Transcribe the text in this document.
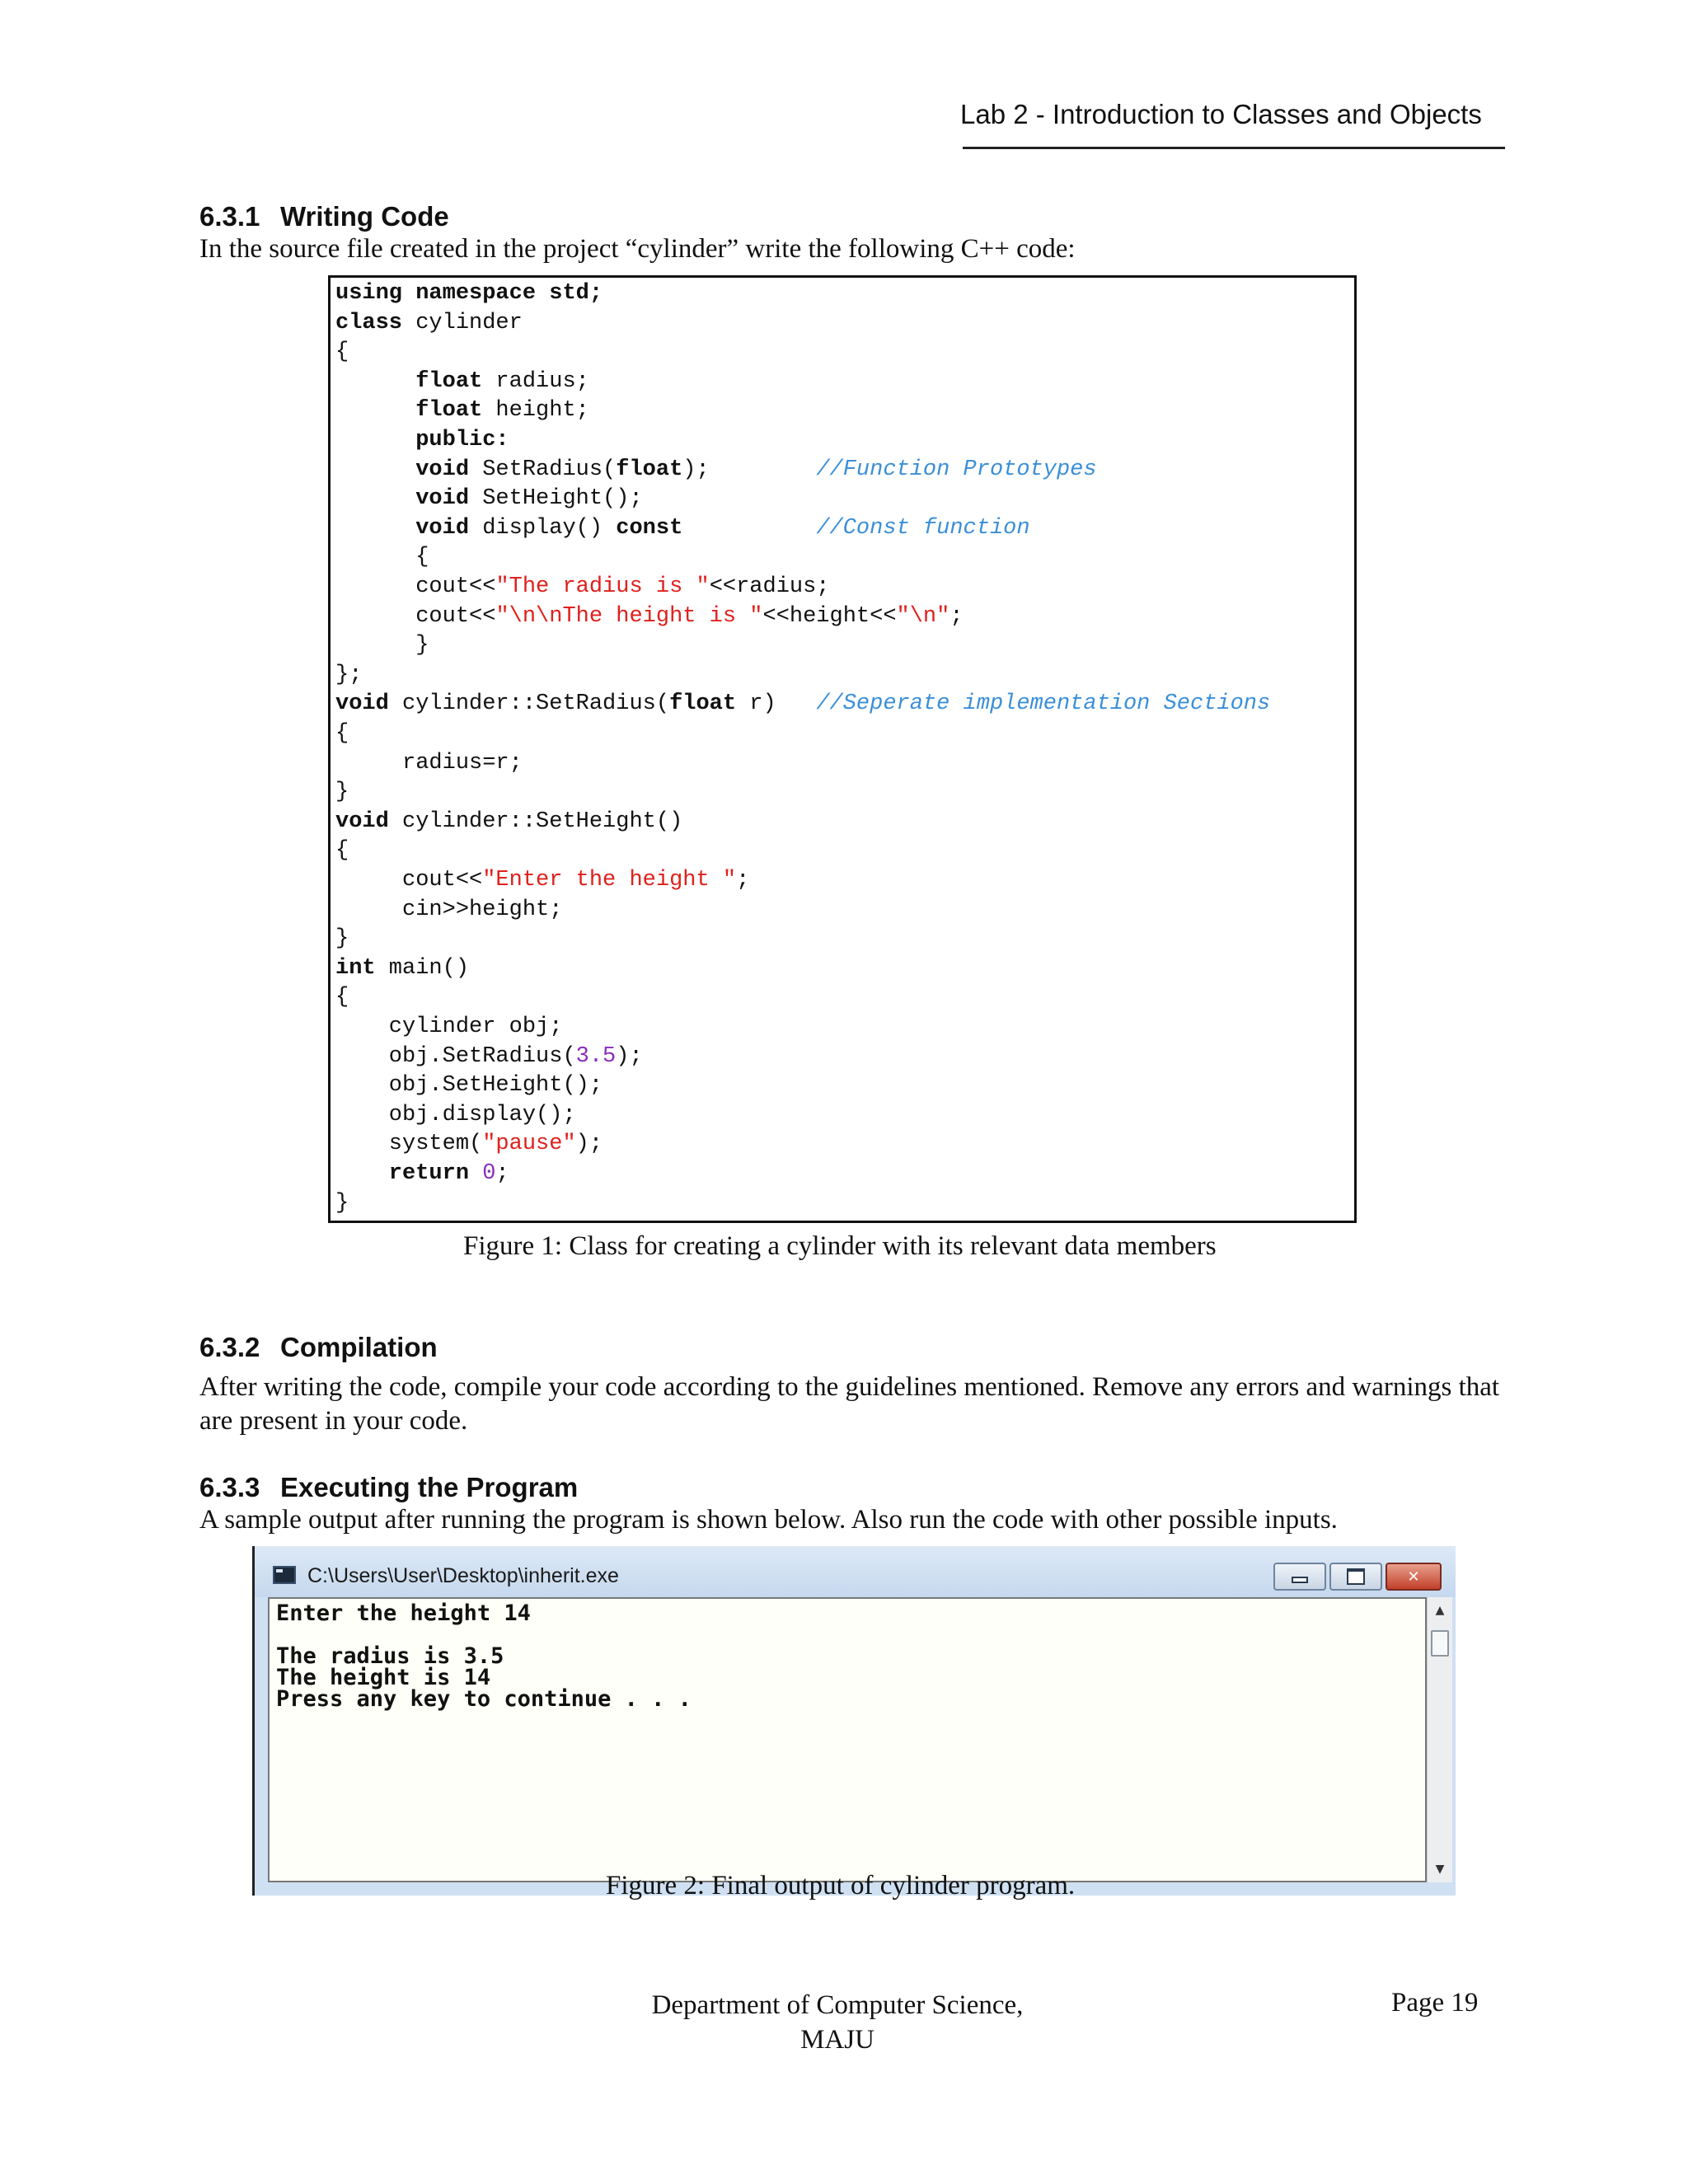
Lab 2 - Introduction to Classes and Objects
6.3.1 Writing Code
In the source file created in the project “cylinder” write the following C++ code:
using namespace std;
class cylinder
{
float radius;
float height;
public:
void SetRadius(float);        //Function Prototypes
void SetHeight();
void display() const	//Const function
{
cout<<"The radius is "<<radius;
cout<<"\n\nThe height is "<<height<<"\n";
}
};
void cylinder::SetRadius(float r)   //Seperate implementation Sections
{
radius=r;
}
void cylinder::SetHeight()
{
cout<<"Enter the height ";
cin>>height;
}
int main()
{
cylinder obj;
obj.SetRadius(3.5);
obj.SetHeight();
obj.display();
system("pause");
return 0;
}
Figure 1: Class for creating a cylinder with its relevant data members
6.3.2 Compilation
After writing the code, compile your code according to the guidelines mentioned. Remove any errors and warnings that are present in your code.
6.3.3 Executing the Program
A sample output after running the program is shown below. Also run the code with other possible inputs.
C:\Users\User\Desktop\inherit.exe	✕
Enter the height 14
The radius is 3.5
The height is 14
Press any key to continue . . .
▲
▼
Figure 2: Final output of cylinder program.
Department of Computer Science,
MAJU
Page 19
